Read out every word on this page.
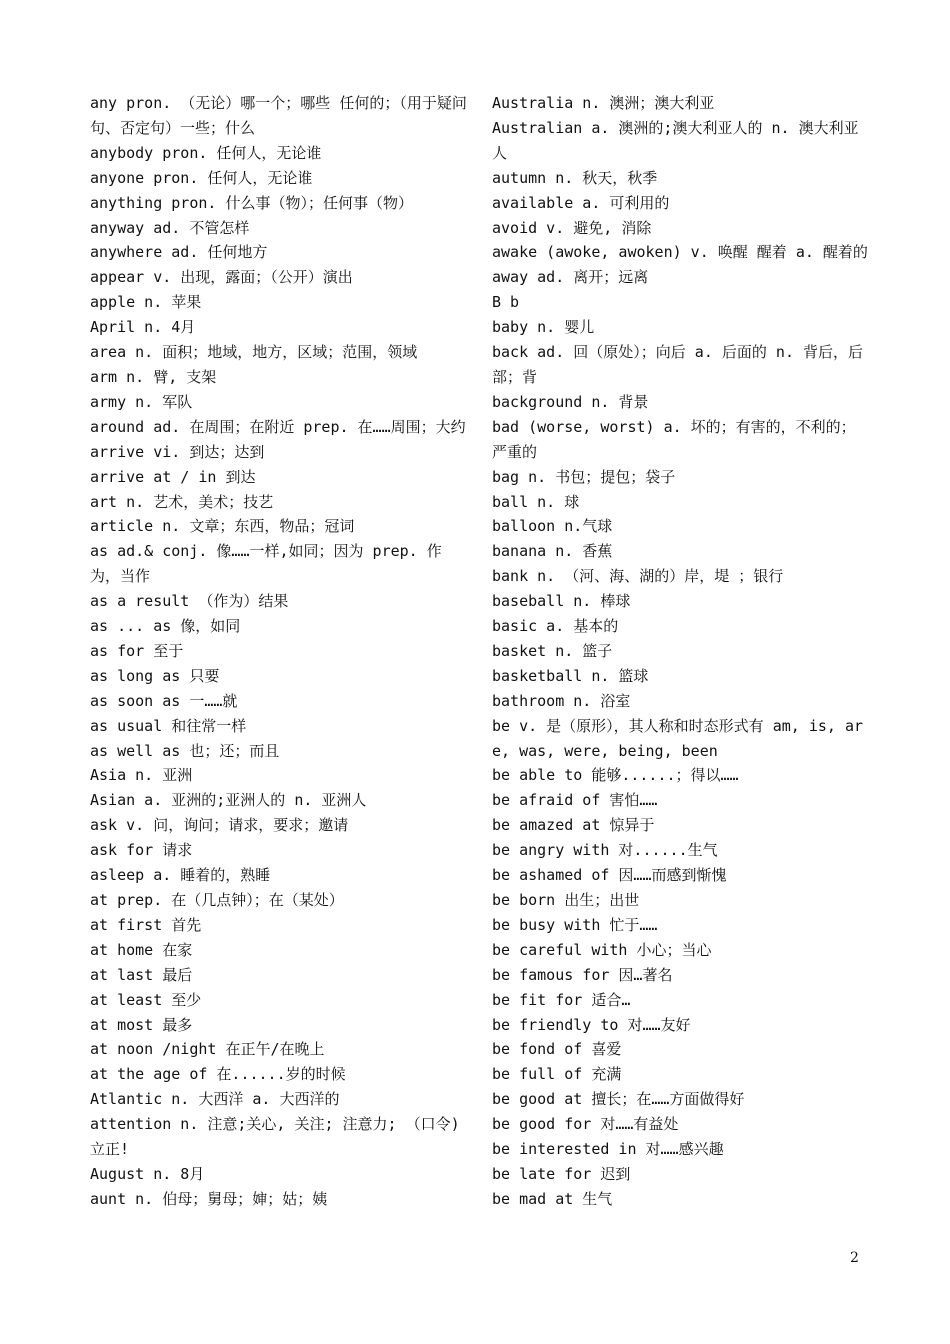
any pron. （无论）哪一个；哪些 任何的；（用于疑问句、否定句）一些；什么
anybody pron. 任何人，无论谁
anyone pron. 任何人，无论谁
anything pron. 什么事（物）；任何事（物）
anyway ad. 不管怎样
anywhere ad. 任何地方
appear v. 出现，露面；（公开）演出
apple n. 苹果
April n. 4月
area n. 面积；地域，地方，区域；范围，领域
arm n. 臂, 支架
army n. 军队
around ad. 在周围；在附近 prep. 在……周围；大约
arrive vi. 到达；达到
arrive at / in 到达
art n. 艺术，美术；技艺
article n. 文章；东西，物品；冠词
as ad.& conj. 像……一样,如同；因为 prep. 作为，当作
as a result （作为）结果
as ... as 像，如同
as for 至于
as long as 只要
as soon as 一……就
as usual 和往常一样
as well as 也；还；而且
Asia n. 亚洲
Asian a. 亚洲的;亚洲人的 n. 亚洲人
ask v. 问，询问；请求，要求；邀请
ask for 请求
asleep a. 睡着的，熟睡
at prep. 在（几点钟）；在（某处）
at first 首先
at home 在家
at last 最后
at least 至少
at most 最多
at noon /night 在正午/在晚上
at the age of 在......岁的时候
Atlantic n. 大西洋 a. 大西洋的
attention n. 注意;关心, 关注; 注意力; （口令)立正!
August n. 8月
aunt n. 伯母；舅母；婶；姑；姨
Australia n. 澳洲；澳大利亚
Australian a. 澳洲的;澳大利亚人的 n. 澳大利亚人
autumn n. 秋天，秋季
available a. 可利用的
avoid v. 避免, 消除
awake (awoke, awoken) v. 唤醒 醒着 a. 醒着的
away ad. 离开；远离
B b
baby n. 婴儿
back ad. 回（原处）；向后 a. 后面的 n. 背后，后部；背
background n. 背景
bad (worse, worst) a. 坏的；有害的，不利的；严重的
bag n. 书包；提包；袋子
ball n. 球
balloon n.气球
banana n. 香蕉
bank n. （河、海、湖的）岸，堤 ；银行
baseball n. 棒球
basic a. 基本的
basket n. 篮子
basketball n. 篮球
bathroom n. 浴室
be v. 是（原形），其人称和时态形式有 am, is, are, was, were, being, been
be able to 能够......；得以……
be afraid of 害怕……
be amazed at 惊异于
be angry with 对......生气
be ashamed of 因……而感到惭愧
be born 出生；出世
be busy with 忙于……
be careful with 小心；当心
be famous for 因…著名
be fit for 适合…
be friendly to 对……友好
be fond of 喜爱
be full of 充满
be good at 擅长；在……方面做得好
be good for 对……有益处
be interested in 对……感兴趣
be late for 迟到
be mad at 生气
2
